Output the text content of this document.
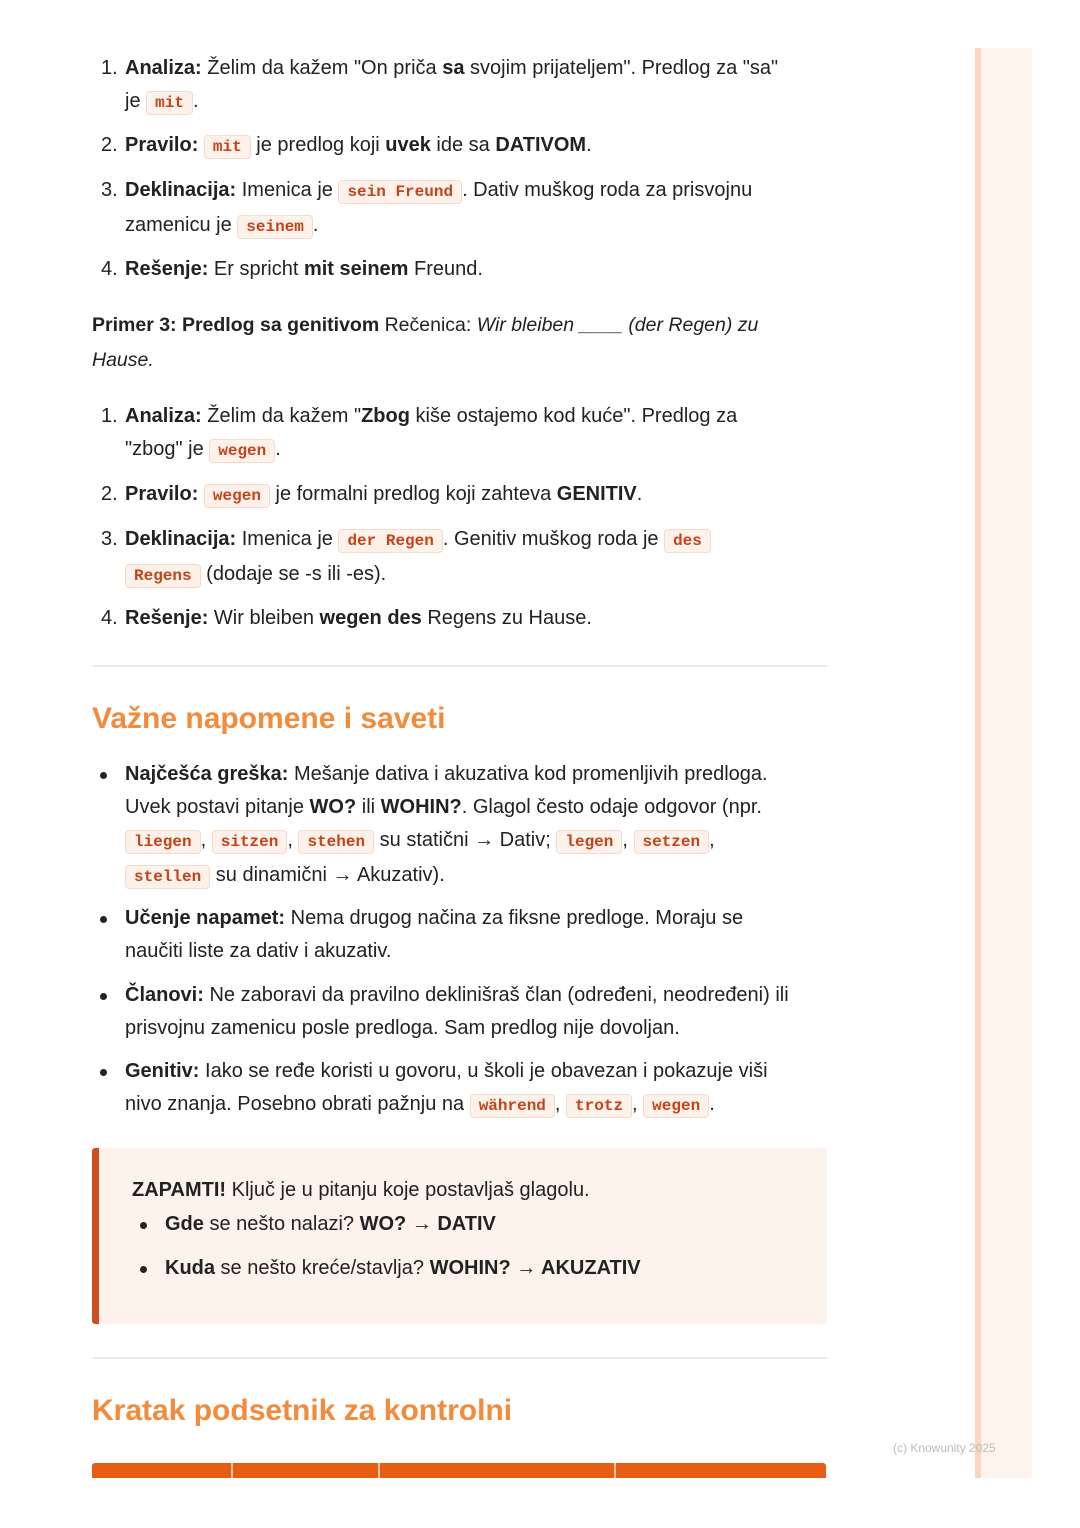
(c) Knowunity 2025
1. Analiza: Želim da kažem "On priča sa svojim prijateljem". Predlog za "sa"
je mit .
2. Pravilo: mit je predlog koji uvek ide sa DATIVOM.
3. Deklinacija: Imenica je sein Freund . Dativ muškog roda za prisvojnu
zamenicu je seinem .
4. Rešenje: Er spricht mit seinem Freund.
Primer 3: Predlog sa genitivom Rečenica: Wir bleiben ____ (der Regen) zu
Hause.
1. Analiza: Želim da kažem "Zbog kiše ostajemo kod kuće". Predlog za
"zbog" je wegen .
2. Pravilo: wegen je formalni predlog koji zahteva GENITIV.
3. Deklinacija: Imenica je der Regen . Genitiv muškog roda je des
Regens (dodaje se -s ili -es).
4. Rešenje: Wir bleiben wegen des Regens zu Hause.
Važne napomene i saveti
Najčešća greška: Mešanje dativa i akuzativa kod promenljivih predloga.
Uvek postavi pitanje WO? ili WOHIN?. Glagol često odaje odgovor (npr.
liegen , sitzen , stehen su statični → Dativ; legen , setzen ,
stellen su dinamični → Akuzativ).
Učenje napamet: Nema drugog načina za fiksne predloge. Moraju se
naučiti liste za dativ i akuzativ.
Članovi: Ne zaboravi da pravilno deklinišraš član (određeni, neodređeni) ili
prisvojnu zamenicu posle predloga. Sam predlog nije dovoljan.
Genitiv: Iako se ređe koristi u govoru, u školi je obavezan i pokazuje viši
nivo znanja. Posebno obrati pažnju na während , trotz , wegen .
ZAPAMTI! Ključ je u pitanju koje postavljaš glagolu.
Gde se nešto nalazi? WO? → DATIV
Kuda se nešto kreće/stavlja? WOHIN? → AKUZATIV
Kratak podsetnik za kontrolni
